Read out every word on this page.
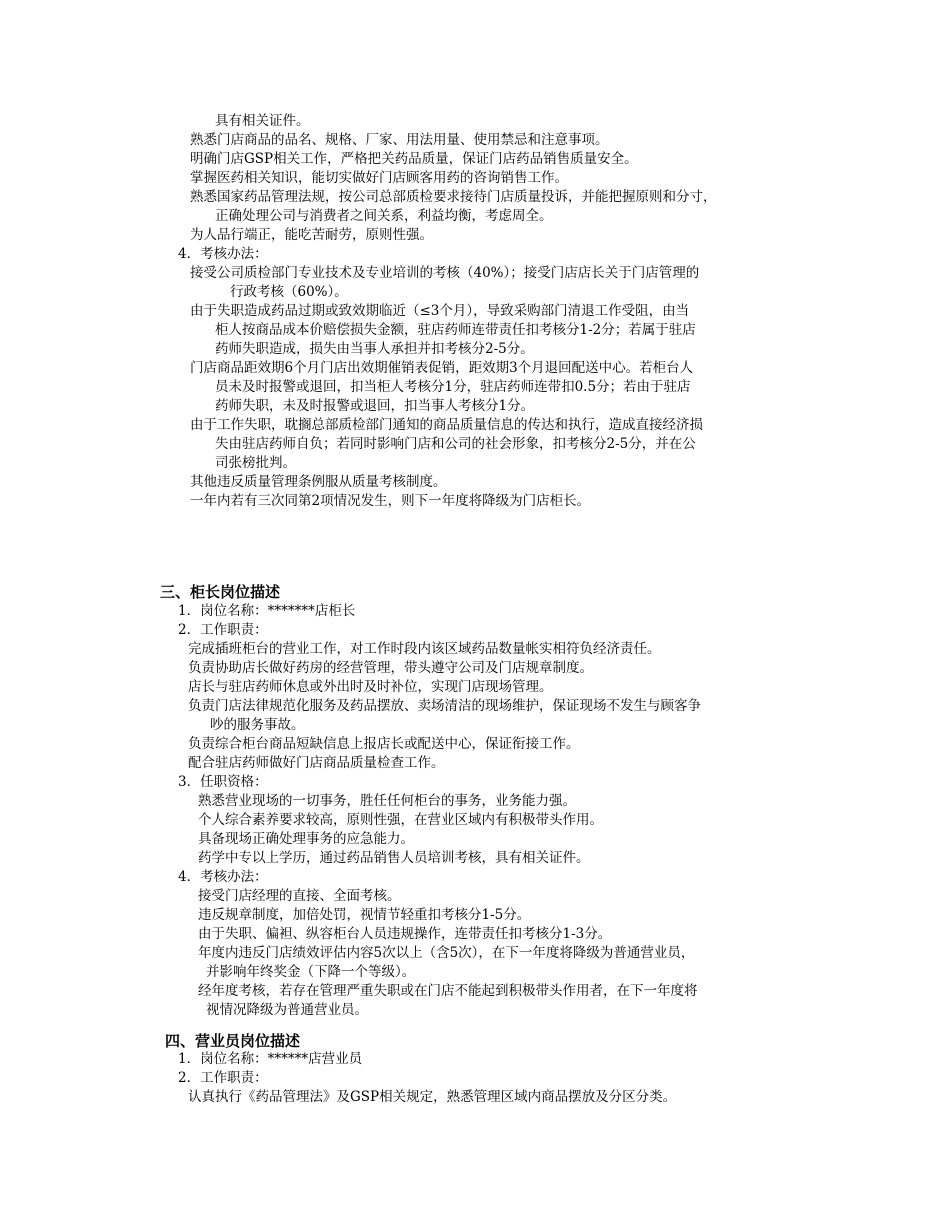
具有相关证件。

熟悉门店商品的品名、规格、厂家、用法用量、使用禁忌和注意事项。

明确门店GSP相关工作，严格把关药品质量，保证门店药品销售质量安全。

掌握医药相关知识，能切实做好门店顾客用药的咨询销售工作。

熟悉国家药品管理法规，按公司总部质检要求接待门店质量投诉，并能把握原则和分寸，

正确处理公司与消费者之间关系，利益均衡，考虑周全。

为人品行端正，能吃苦耐劳，原则性强。

4．考核办法：

接受公司质检部门专业技术及专业培训的考核（40%）；接受门店店长关于门店管理的

行政考核（60%）。

由于失职造成药品过期或致效期临近（≤3个月），导致采购部门清退工作受阻，由当

柜人按商品成本价赔偿损失金额，驻店药师连带责任扣考核分1-2分；若属于驻店

药师失职造成，损失由当事人承担并扣考核分2-5分。

门店商品距效期6个月门店出效期催销表促销，距效期3个月退回配送中心。若柜台人

员未及时报警或退回，扣当柜人考核分1分，驻店药师连带扣0.5分；若由于驻店

药师失职，未及时报警或退回，扣当事人考核分1分。

由于工作失职，耽搁总部质检部门通知的商品质量信息的传达和执行，造成直接经济损

失由驻店药师自负；若同时影响门店和公司的社会形象，扣考核分2-5分，并在公

司张榜批判。

其他违反质量管理条例服从质量考核制度。

一年内若有三次同第2项情况发生，则下一年度将降级为门店柜长。

三、柜长岗位描述

1．岗位名称：*******店柜长

2．工作职责：

完成插班柜台的营业工作，对工作时段内该区域药品数量帐实相符负经济责任。

负责协助店长做好药房的经营管理，带头遵守公司及门店规章制度。

店长与驻店药师休息或外出时及时补位，实现门店现场管理。

负责门店法律规范化服务及药品摆放、卖场清洁的现场维护，保证现场不发生与顾客争

吵的服务事故。

负责综合柜台商品短缺信息上报店长或配送中心，保证衔接工作。

配合驻店药师做好门店商品质量检查工作。

3．任职资格：

熟悉营业现场的一切事务，胜任任何柜台的事务，业务能力强。

个人综合素养要求较高，原则性强，在营业区域内有积极带头作用。

具备现场正确处理事务的应急能力。

药学中专以上学历，通过药品销售人员培训考核，具有相关证件。

4．考核办法：

接受门店经理的直接、全面考核。

违反规章制度，加倍处罚，视情节轻重扣考核分1-5分。

由于失职、偏袒、纵容柜台人员违规操作，连带责任扣考核分1-3分。

年度内违反门店绩效评估内容5次以上（含5次），在下一年度将降级为普通营业员，

并影响年终奖金（下降一个等级）。

经年度考核，若存在管理严重失职或在门店不能起到积极带头作用者，在下一年度将

视情况降级为普通营业员。

四、营业员岗位描述

1．岗位名称：******店营业员

2．工作职责：

认真执行《药品管理法》及GSP相关规定，熟悉管理区域内商品摆放及分区分类。
